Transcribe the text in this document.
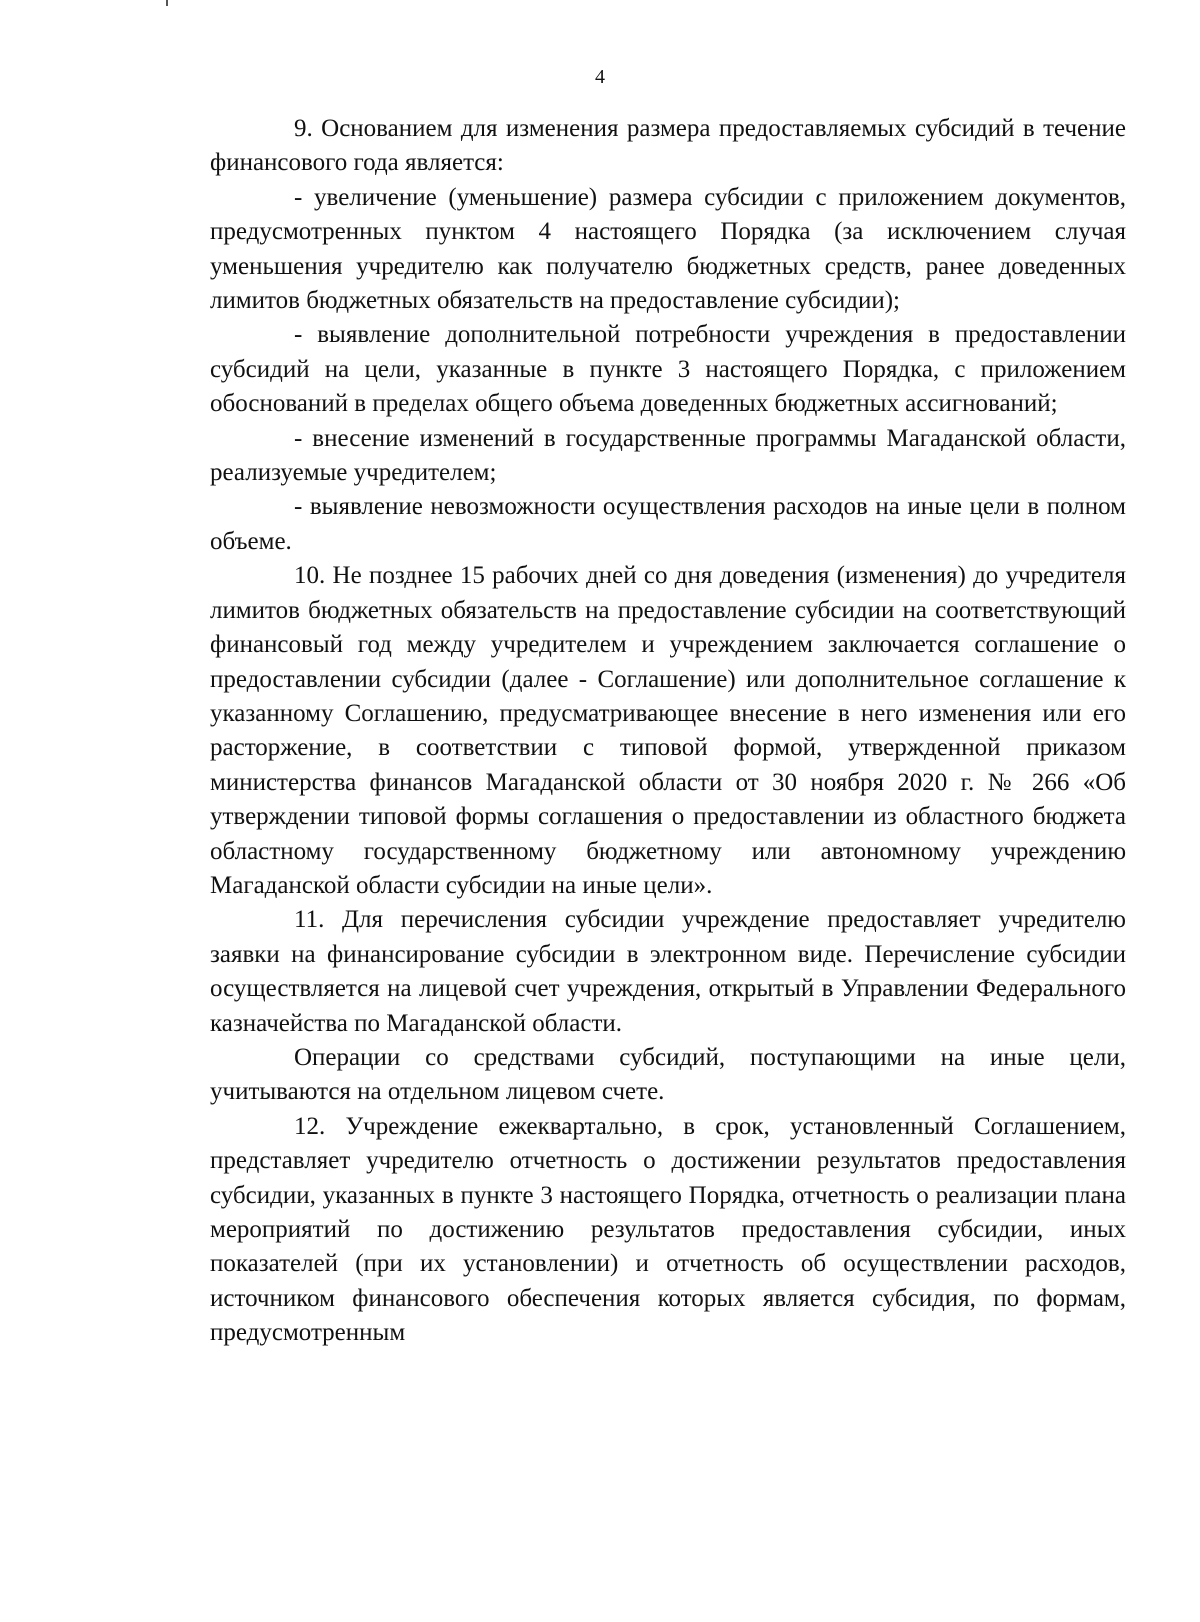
4

9. Основанием для изменения размера предоставляемых субсидий в течение финансового года является:

- увеличение (уменьшение) размера субсидии с приложением документов, предусмотренных пунктом 4 настоящего Порядка (за исключением случая уменьшения учредителю как получателю бюджетных средств, ранее доведенных лимитов бюджетных обязательств на предоставление субсидии);

- выявление дополнительной потребности учреждения в предоставлении субсидий на цели, указанные в пункте 3 настоящего Порядка, с приложением обоснований в пределах общего объема доведенных бюджетных ассигнований;

- внесение изменений в государственные программы Магаданской области, реализуемые учредителем;

- выявление невозможности осуществления расходов на иные цели в полном объеме.

10. Не позднее 15 рабочих дней со дня доведения (изменения) до учредителя лимитов бюджетных обязательств на предоставление субсидии на соответствующий финансовый год между учредителем и учреждением заключается соглашение о предоставлении субсидии (далее - Соглашение) или дополнительное соглашение к указанному Соглашению, предусматривающее внесение в него изменения или его расторжение, в соответствии с типовой формой, утвержденной приказом министерства финансов Магаданской области от 30 ноября 2020 г. № 266 «Об утверждении типовой формы соглашения о предоставлении из областного бюджета областному государственному бюджетному или автономному учреждению Магаданской области субсидии на иные цели».

11. Для перечисления субсидии учреждение предоставляет учредителю заявки на финансирование субсидии в электронном виде. Перечисление субсидии осуществляется на лицевой счет учреждения, открытый в Управлении Федерального казначейства по Магаданской области.

Операции со средствами субсидий, поступающими на иные цели, учитываются на отдельном лицевом счете.

12. Учреждение ежеквартально, в срок, установленный Соглашением, представляет учредителю отчетность о достижении результатов предоставления субсидии, указанных в пункте 3 настоящего Порядка, отчетность о реализации плана мероприятий по достижению результатов предоставления субсидии, иных показателей (при их установлении) и отчетность об осуществлении расходов, источником финансового обеспечения которых является субсидия, по формам, предусмотренным
